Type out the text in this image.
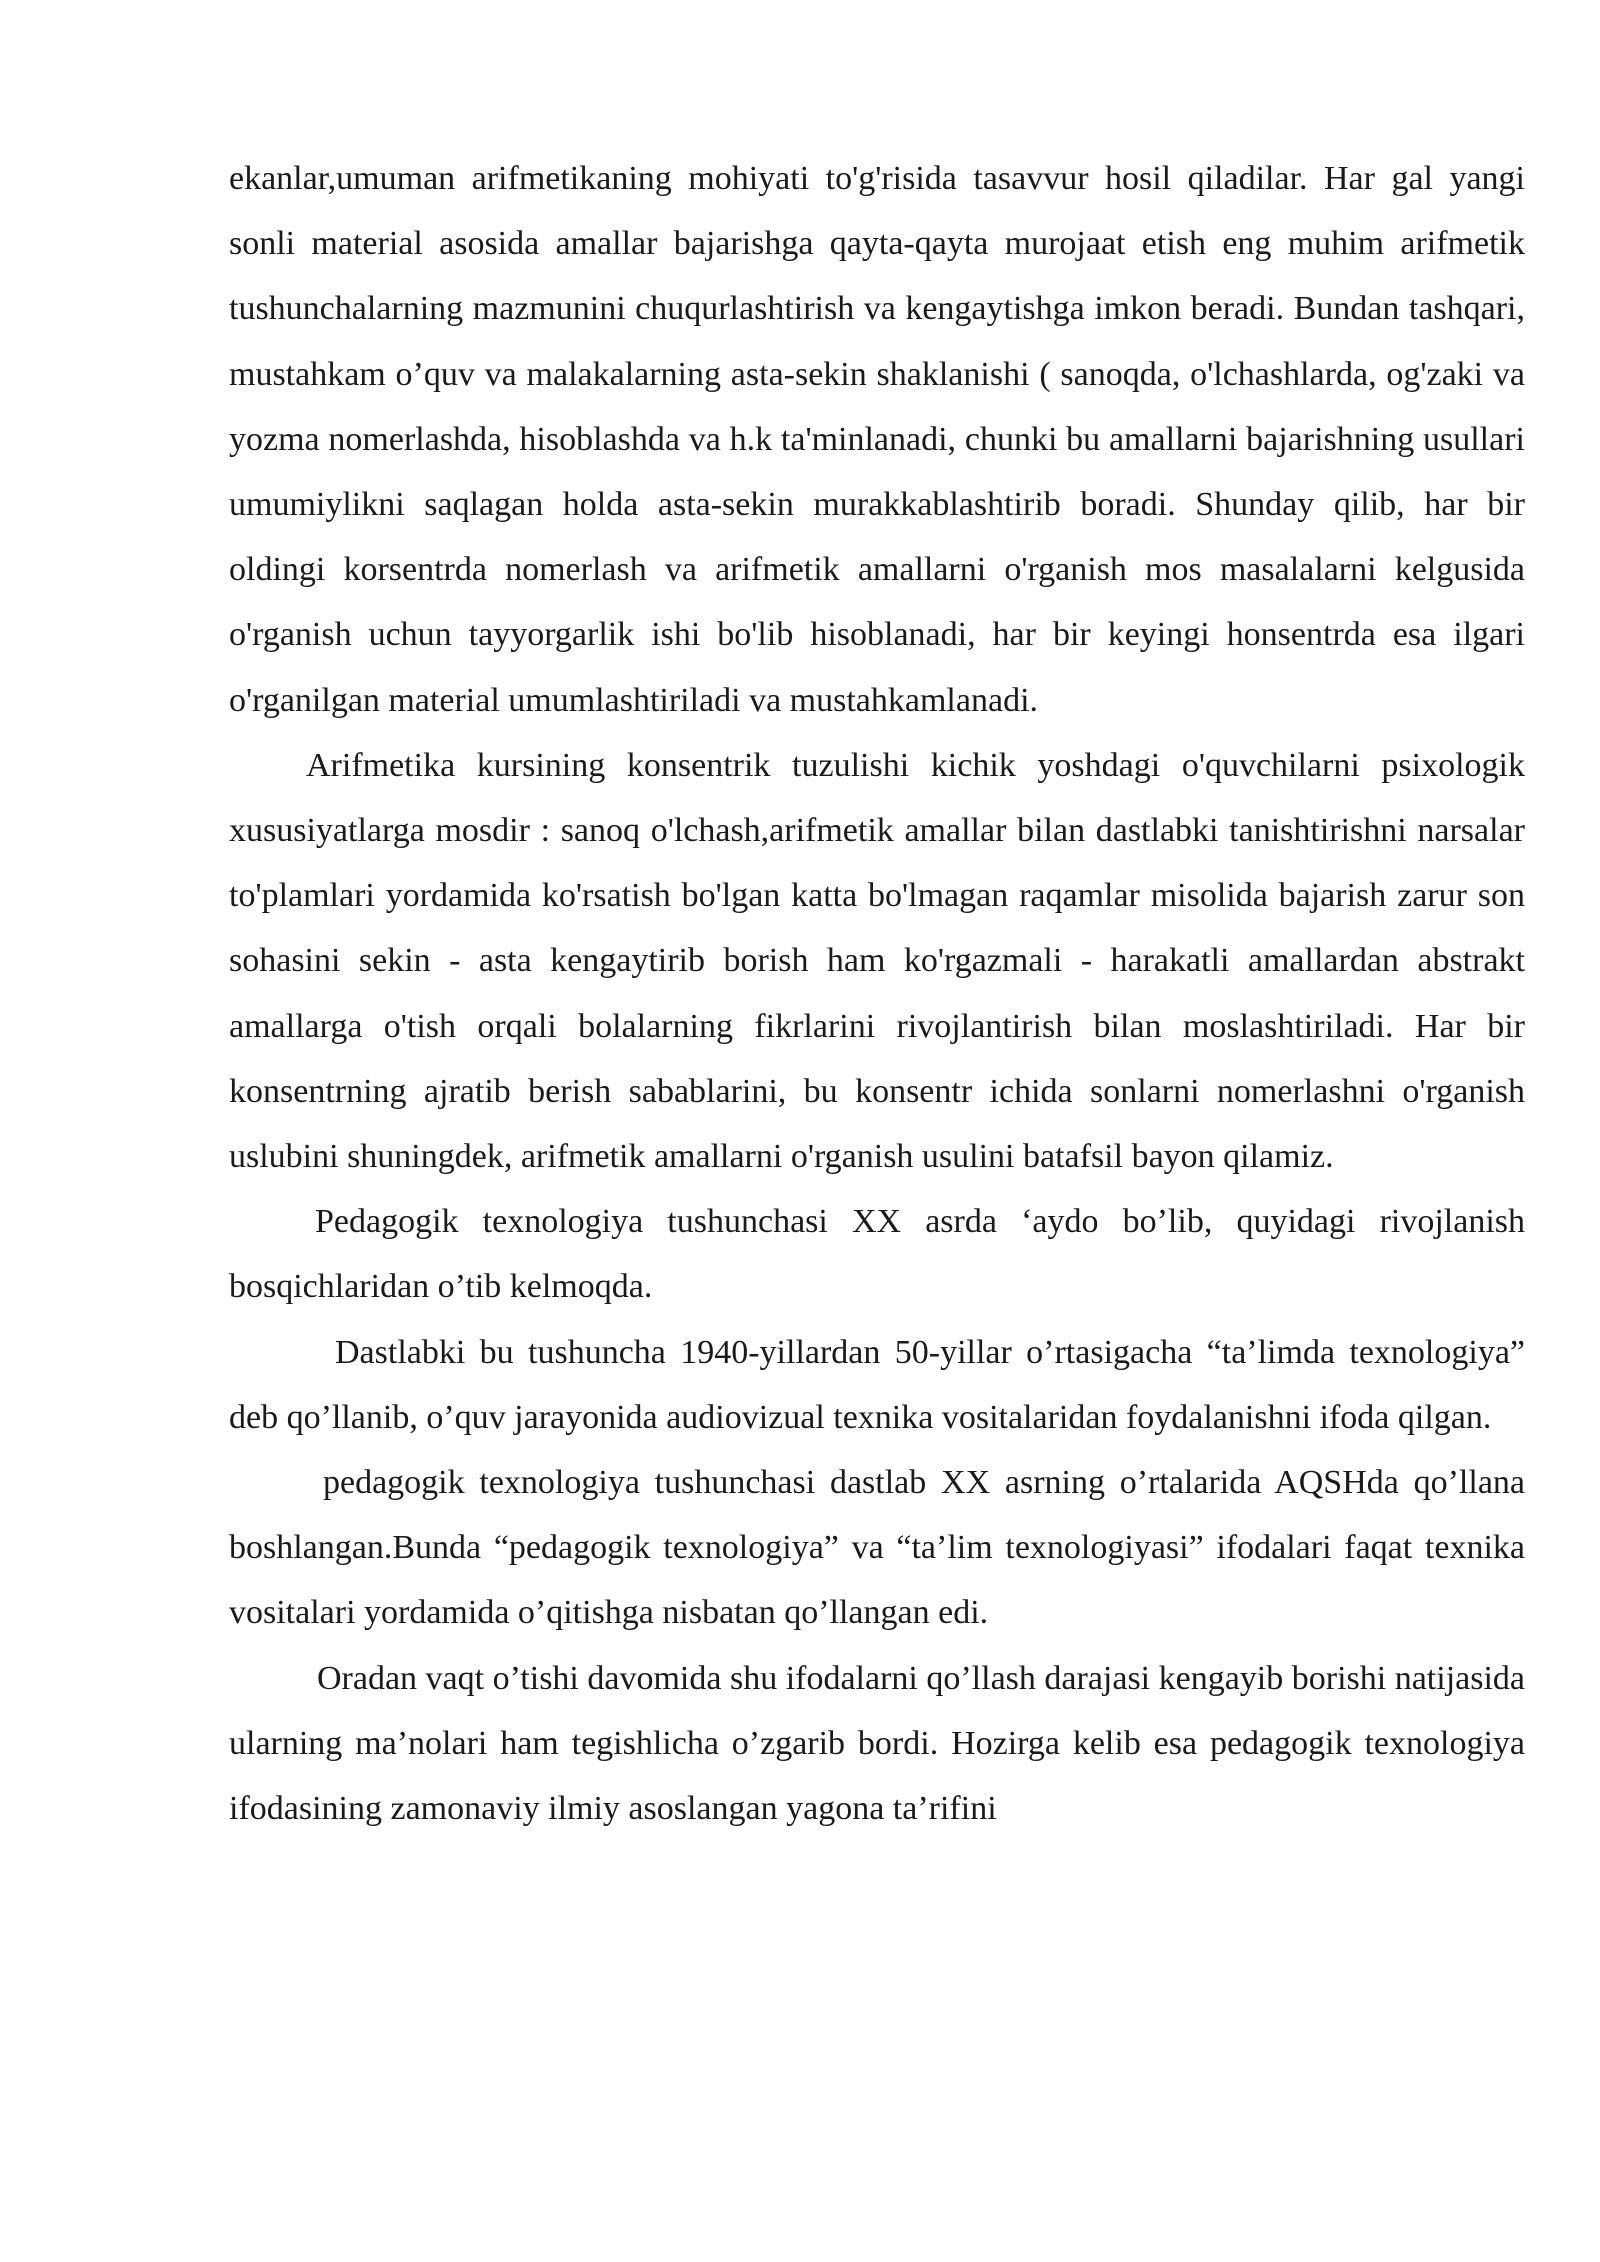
ekanlar,umuman arifmetikaning mohiyati to'g'risida tasavvur hosil qiladilar. Har gal yangi sonli material asosida amallar bajarishga qayta-qayta murojaat etish eng muhim arifmetik tushunchalarning mazmunini chuqurlashtirish va kengaytishga imkon beradi. Bundan tashqari, mustahkam o’quv va malakalarning asta-sekin shaklanishi ( sanoqda, o'lchashlarda, og'zaki va yozma nomerlashda, hisoblashda va h.k ta'minlanadi, chunki bu amallarni bajarishning usullari umumiylikni saqlagan holda asta-sekin murakkablashtirib boradi. Shunday qilib, har bir oldingi korsentrda nomerlash va arifmetik amallarni o'rganish mos masalalarni kelgusida o'rganish uchun tayyorgarlik ishi bo'lib hisoblanadi, har bir keyingi honsentrda esa ilgari o'rganilgan material umumlashtiriladi va mustahkamlanadi.

Arifmetika kursining konsentrik tuzulishi kichik yoshdagi o'quvchilarni psixologik xususiyatlarga mosdir : sanoq o'lchash,arifmetik amallar bilan dastlabki tanishtirishni narsalar to'plamlari yordamida ko'rsatish bo'lgan katta bo'lmagan raqamlar misolida bajarish zarur son sohasini sekin - asta kengaytirib borish ham ko'rgazmali - harakatli amallardan abstrakt amallarga o'tish orqali bolalarning fikrlarini rivojlantirish bilan moslashtiriladi. Har bir konsentrning ajratib berish sabablarini, bu konsentr ichida sonlarni nomerlashni o'rganish uslubini shuningdek, arifmetik amallarni o'rganish usulini batafsil bayon qilamiz.

Pedagogik texnologiya tushunchasi XX asrda ‘aydo bo’lib, quyidagi rivojlanish bosqichlaridan o’tib kelmoqda.

Dastlabki bu tushuncha 1940-yillardan 50-yillar o’rtasigacha “ta’limda texnologiya” deb qo’llanib, o’quv jarayonida audiovizual texnika vositalaridan foydalanishni ifoda qilgan.

pedagogik texnologiya tushunchasi dastlab XX asrning o’rtalarida AQSHda qo’llana boshlangan.Bunda “pedagogik texnologiya” va “ta’lim texnologiyasi” ifodalari faqat texnika vositalari yordamida o’qitishga nisbatan qo’llangan edi.

Oradan vaqt o’tishi davomida shu ifodalarni qo’llash darajasi kengayib borishi natijasida ularning ma’nolari ham tegishlicha o’zgarib bordi. Hozirga kelib esa pedagogik texnologiya ifodasining zamonaviy ilmiy asoslangan yagona ta’rifini
